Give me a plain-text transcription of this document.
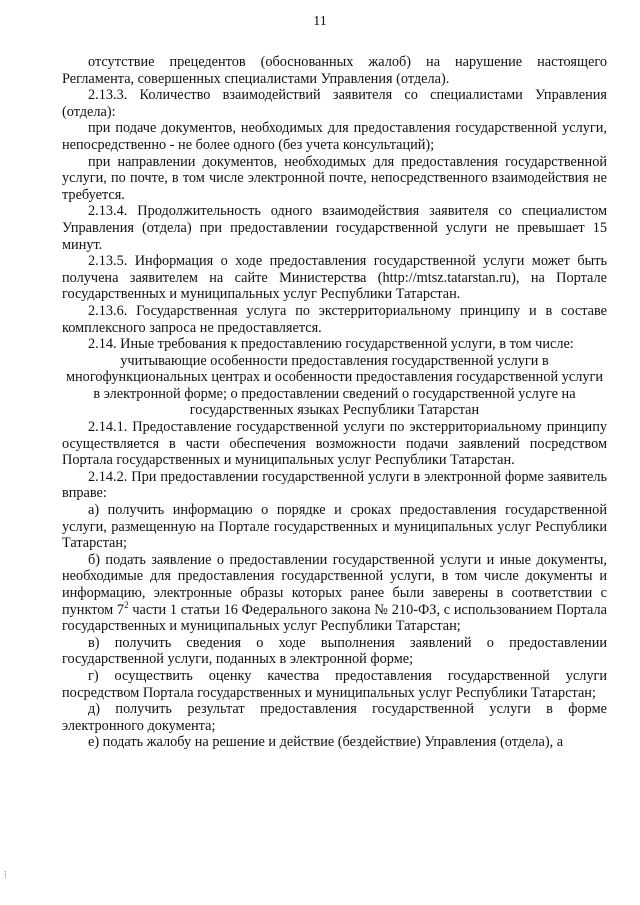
11

отсутствие прецедентов (обоснованных жалоб) на нарушение настоящего Регламента, совершенных специалистами Управления (отдела).

2.13.3. Количество взаимодействий заявителя со специалистами Управления (отдела):

при подаче документов, необходимых для предоставления государственной услуги, непосредственно - не более одного (без учета консультаций);

при направлении документов, необходимых для предоставления государственной услуги, по почте, в том числе электронной почте, непосредственного взаимодействия не требуется.

2.13.4. Продолжительность одного взаимодействия заявителя со специалистом Управления (отдела) при предоставлении государственной услуги не превышает 15 минут.

2.13.5. Информация о ходе предоставления государственной услуги может быть получена заявителем на сайте Министерства (http://mtsz.tatarstan.ru), на Портале государственных и муниципальных услуг Республики Татарстан.

2.13.6. Государственная услуга по экстерриториальному принципу и в составе комплексного запроса не предоставляется.

2.14. Иные требования к предоставлению государственной услуги, в том числе:

учитывающие особенности предоставления государственной услуги в многофункциональных центрах и особенности предоставления государственной услуги в электронной форме; о предоставлении сведений о государственной услуге на государственных языках Республики Татарстан

2.14.1. Предоставление государственной услуги по экстерриториальному принципу осуществляется в части обеспечения возможности подачи заявлений посредством Портала государственных и муниципальных услуг Республики Татарстан.

2.14.2. При предоставлении государственной услуги в электронной форме заявитель вправе:

а) получить информацию о порядке и сроках предоставления государственной услуги, размещенную на Портале государственных и муниципальных услуг Республики Татарстан;

б) подать заявление о предоставлении государственной услуги и иные документы, необходимые для предоставления государственной услуги, в том числе документы и информацию, электронные образы которых ранее были заверены в соответствии с пунктом $7^2$ части 1 статьи 16 Федерального закона № 210-ФЗ, с использованием Портала государственных и муниципальных услуг Республики Татарстан;

в) получить сведения о ходе выполнения заявлений о предоставлении государственной услуги, поданных в электронной форме;

г) осуществить оценку качества предоставления государственной услуги посредством Портала государственных и муниципальных услуг Республики Татарстан;

д) получить результат предоставления государственной услуги в форме электронного документа;

е) подать жалобу на решение и действие (бездействие) Управления (отдела), а

⁞
